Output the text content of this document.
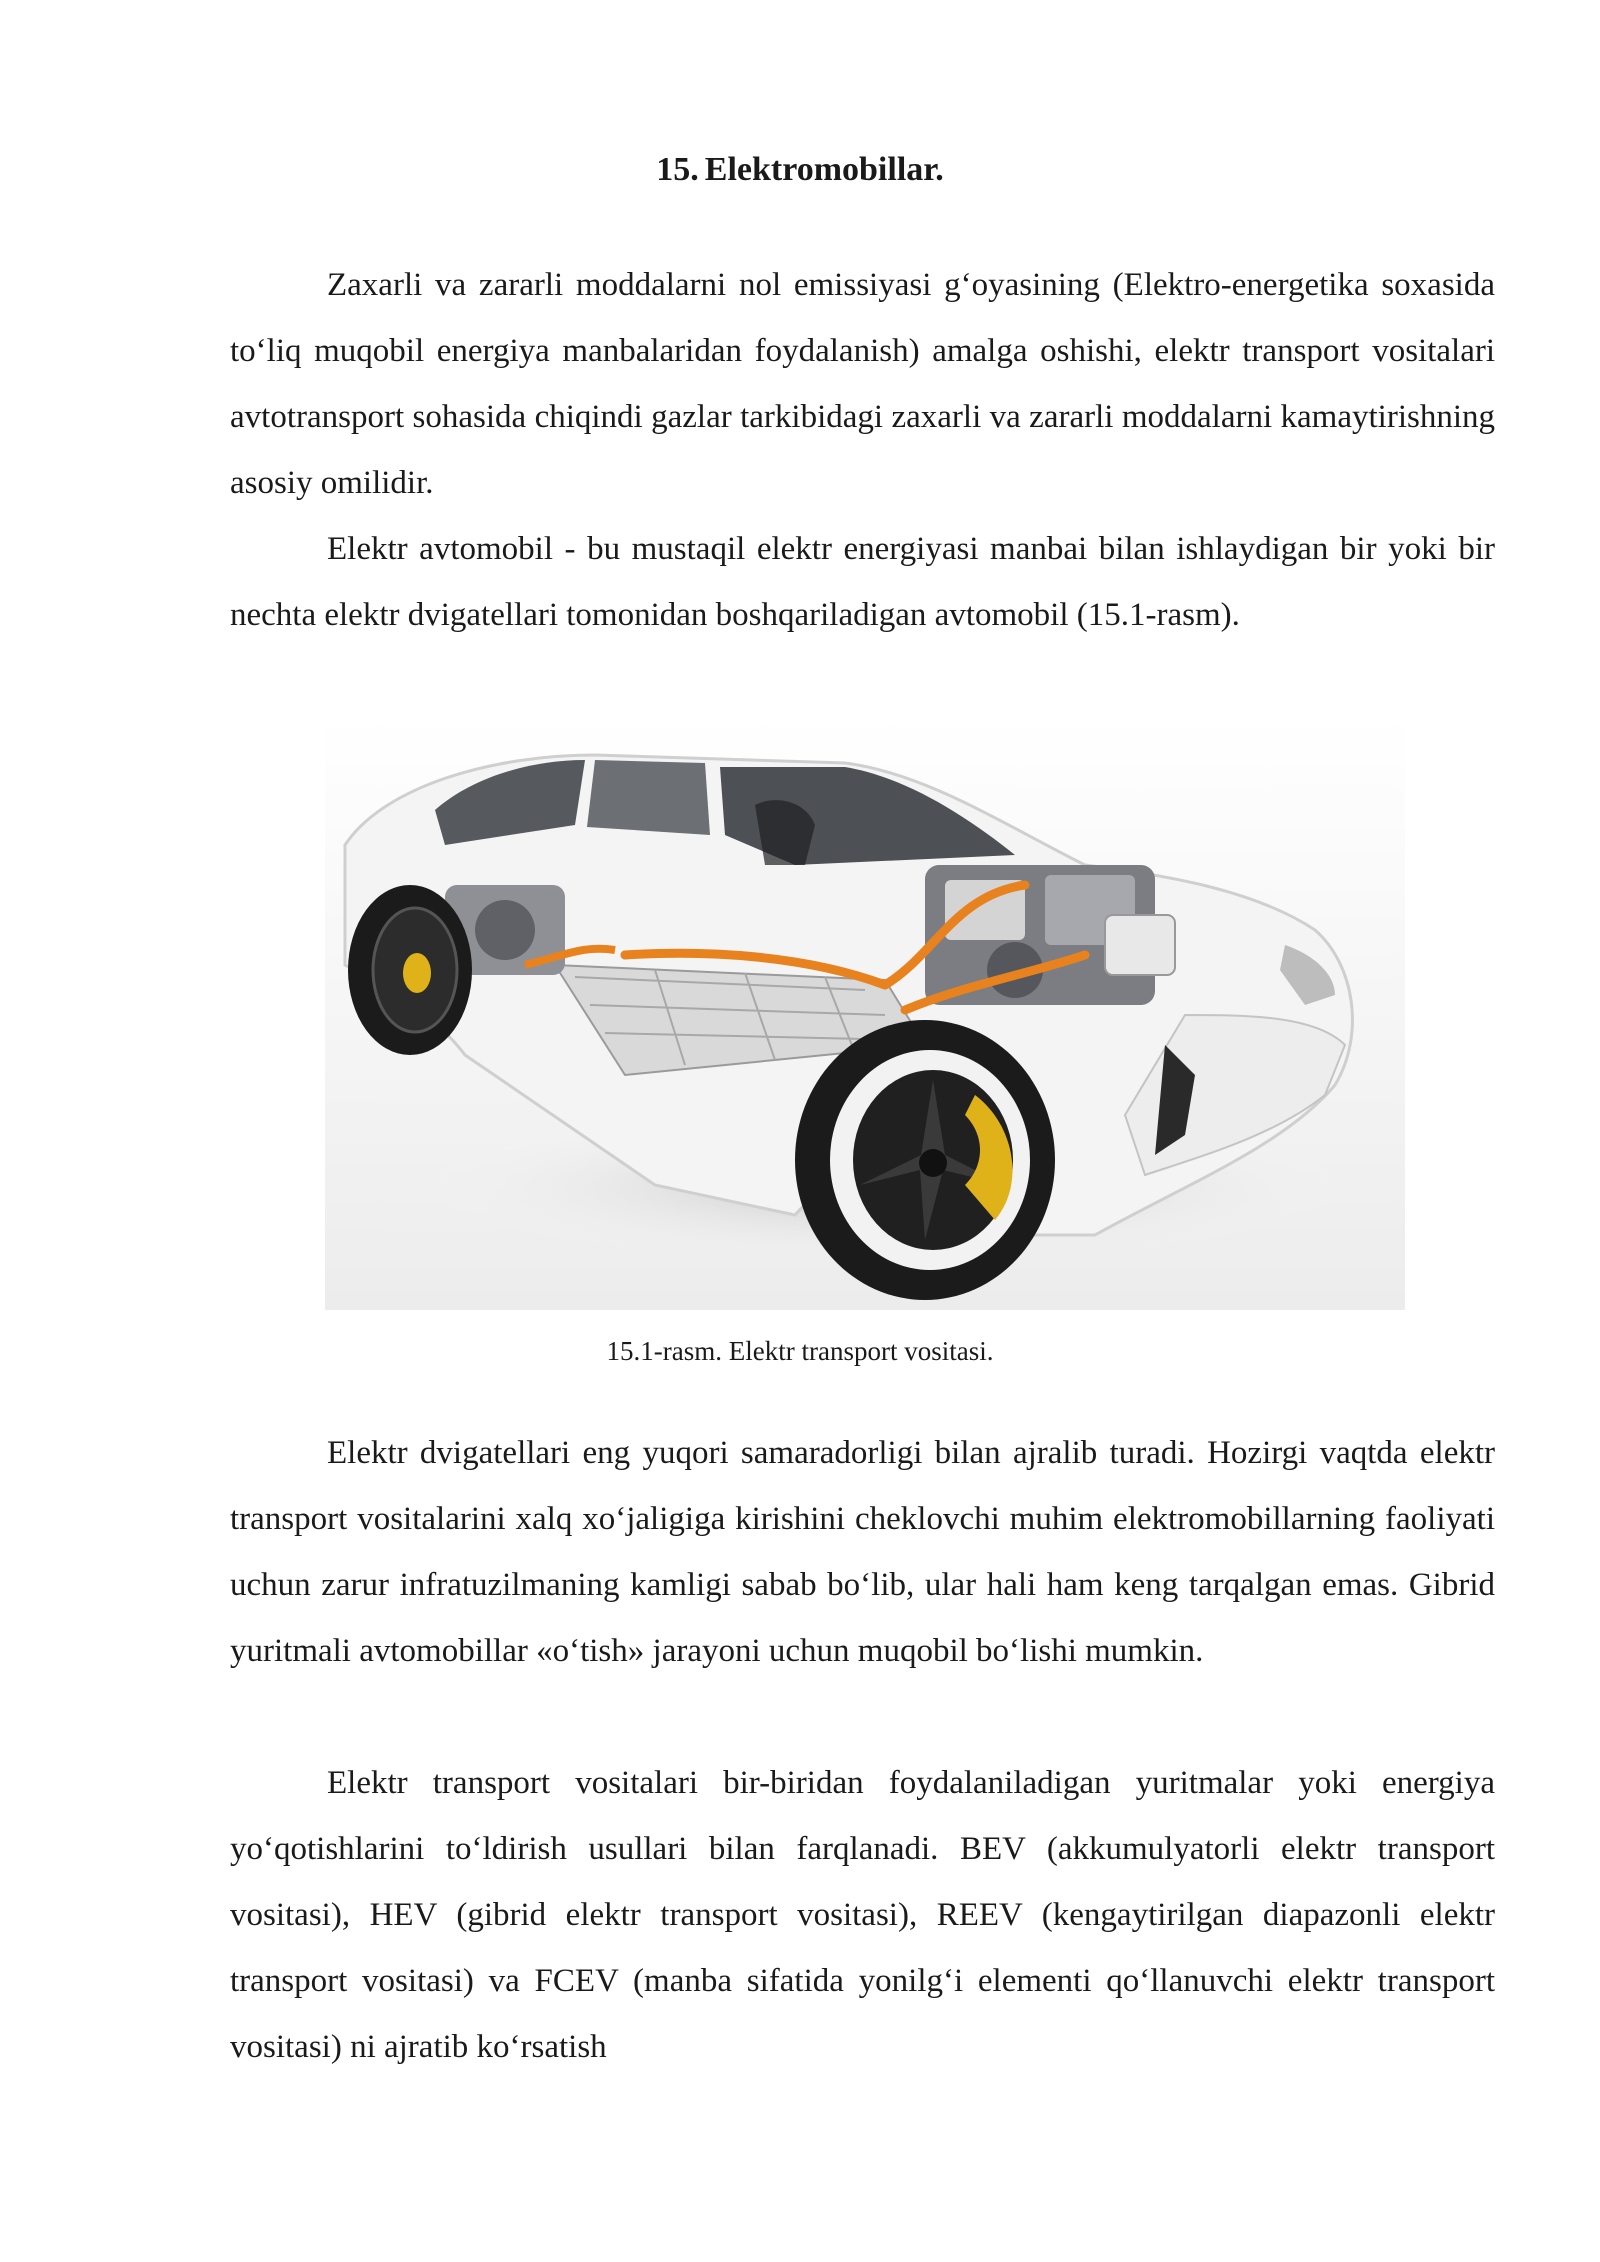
15. Elektromobillar.

Zaxarli va zararli moddalarni nol emissiyasi g‘oyasining (Elektro-energetika soxasida to‘liq muqobil energiya manbalaridan foydalanish) amalga oshishi, elektr transport vositalari avtotransport sohasida chiqindi gazlar tarkibidagi zaxarli va zararli moddalarni kamaytirishning asosiy omilidir.

Elektr avtomobil - bu mustaqil elektr energiyasi manbai bilan ishlaydigan bir yoki bir nechta elektr dvigatellari tomonidan boshqariladigan avtomobil (15.1-rasm).

15.1-rasm. Elektr transport vositasi.

Elektr dvigatellari eng yuqori samaradorligi bilan ajralib turadi. Hozirgi vaqtda elektr transport vositalarini xalq xo‘jaligiga kirishini cheklovchi muhim elektromobillarning faoliyati uchun zarur infratuzilmaning kamligi sabab bo‘lib, ular hali ham keng tarqalgan emas. Gibrid yuritmali avtomobillar «o‘tish» jarayoni uchun muqobil bo‘lishi mumkin.

Elektr transport vositalari bir-biridan foydalaniladigan yuritmalar yoki energiya yo‘qotishlarini to‘ldirish usullari bilan farqlanadi. BEV (akkumulyatorli elektr transport vositasi), HEV (gibrid elektr transport vositasi), REEV (kengaytirilgan diapazonli elektr transport vositasi) va FCEV (manba sifatida yonilg‘i elementi qo‘llanuvchi elektr transport vositasi) ni ajratib ko‘rsatish
